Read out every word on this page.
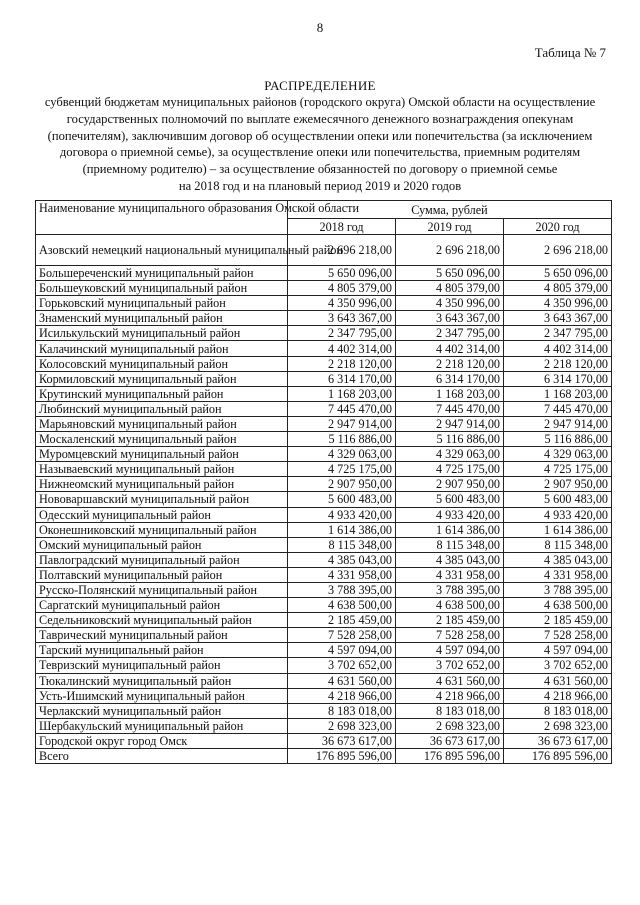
8
Таблица № 7
РАСПРЕДЕЛЕНИЕ
субвенций бюджетам муниципальных районов (городского округа) Омской области на осуществление
государственных полномочий по выплате ежемесячного денежного вознаграждения опекунам
(попечителям), заключившим договор об осуществлении опеки или попечительства (за исключением
договора о приемной семье), за осуществление опеки или попечительства, приемным родителям
(приемному родителю) – за осуществление обязанностей по договору о приемной семье
на 2018 год и на плановый период 2019 и 2020 годов
Наименование муниципального образования Омской области	Сумма, рублей		
	2018 год	2019 год	2020 год
Азовский немецкий национальный муниципальный район	2 696 218,00	2 696 218,00	2 696 218,00
Большереченский муниципальный район	5 650 096,00	5 650 096,00	5 650 096,00
Большеуковский муниципальный район	4 805 379,00	4 805 379,00	4 805 379,00
Горьковский муниципальный район	4 350 996,00	4 350 996,00	4 350 996,00
Знаменский муниципальный район	3 643 367,00	3 643 367,00	3 643 367,00
Исилькульский муниципальный район	2 347 795,00	2 347 795,00	2 347 795,00
Калачинский муниципальный район	4 402 314,00	4 402 314,00	4 402 314,00
Колосовский муниципальный район	2 218 120,00	2 218 120,00	2 218 120,00
Кормиловский муниципальный район	6 314 170,00	6 314 170,00	6 314 170,00
Крутинский муниципальный район	1 168 203,00	1 168 203,00	1 168 203,00
Любинский муниципальный район	7 445 470,00	7 445 470,00	7 445 470,00
Марьяновский муниципальный район	2 947 914,00	2 947 914,00	2 947 914,00
Москаленский муниципальный район	5 116 886,00	5 116 886,00	5 116 886,00
Муромцевский муниципальный район	4 329 063,00	4 329 063,00	4 329 063,00
Называевский муниципальный район	4 725 175,00	4 725 175,00	4 725 175,00
Нижнеомский муниципальный район	2 907 950,00	2 907 950,00	2 907 950,00
Нововаршавский муниципальный район	5 600 483,00	5 600 483,00	5 600 483,00
Одесский муниципальный район	4 933 420,00	4 933 420,00	4 933 420,00
Оконешниковский муниципальный район	1 614 386,00	1 614 386,00	1 614 386,00
Омский муниципальный район	8 115 348,00	8 115 348,00	8 115 348,00
Павлоградский муниципальный район	4 385 043,00	4 385 043,00	4 385 043,00
Полтавский муниципальный район	4 331 958,00	4 331 958,00	4 331 958,00
Русско-Полянский муниципальный район	3 788 395,00	3 788 395,00	3 788 395,00
Саргатский муниципальный район	4 638 500,00	4 638 500,00	4 638 500,00
Седельниковский муниципальный район	2 185 459,00	2 185 459,00	2 185 459,00
Таврический муниципальный район	7 528 258,00	7 528 258,00	7 528 258,00
Тарский муниципальный район	4 597 094,00	4 597 094,00	4 597 094,00
Тевризский муниципальный район	3 702 652,00	3 702 652,00	3 702 652,00
Тюкалинский муниципальный район	4 631 560,00	4 631 560,00	4 631 560,00
Усть-Ишимский муниципальный район	4 218 966,00	4 218 966,00	4 218 966,00
Черлакский муниципальный район	8 183 018,00	8 183 018,00	8 183 018,00
Шербакульский муниципальный район	2 698 323,00	2 698 323,00	2 698 323,00
Городской округ город Омск	36 673 617,00	36 673 617,00	36 673 617,00
Всего	176 895 596,00	176 895 596,00	176 895 596,00
